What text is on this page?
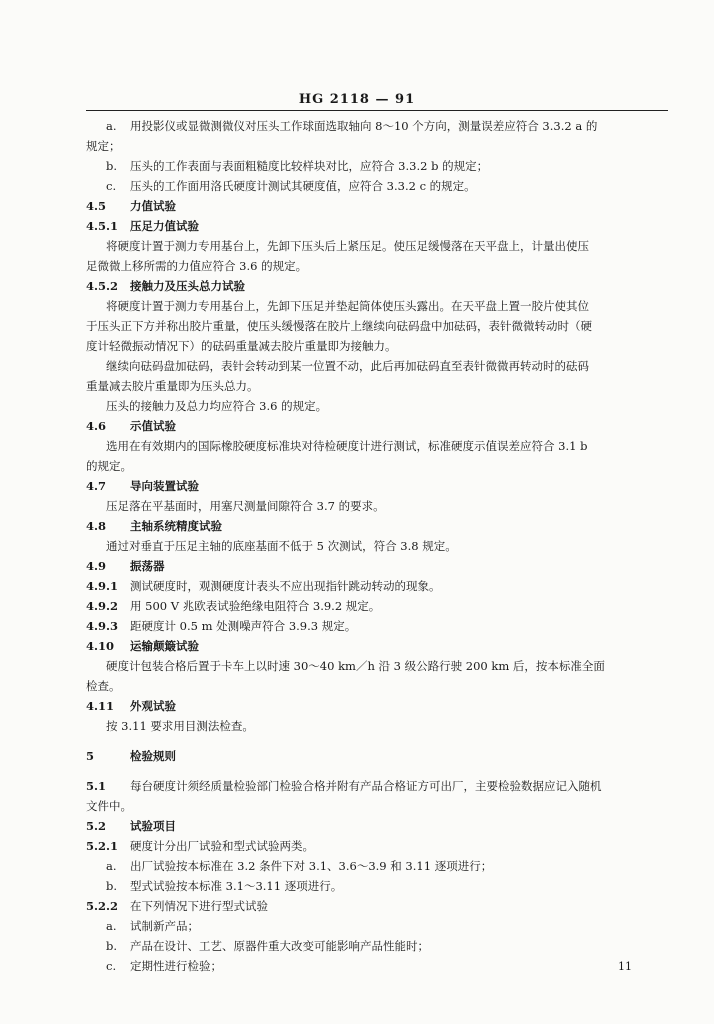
HG 2118 — 91
a. 用投影仪或显微测微仪对压头工作球面选取轴向 8～10 个方向，测量误差应符合 3.3.2 a 的
规定；
b. 压头的工作表面与表面粗糙度比较样块对比，应符合 3.3.2 b 的规定；
c. 压头的工作面用洛氏硬度计测试其硬度值，应符合 3.3.2 c 的规定。
4.5 力值试验
4.5.1 压足力值试验
将硬度计置于测力专用基台上，先卸下压头后上紧压足。使压足缓慢落在天平盘上，计量出使压
足微微上移所需的力值应符合 3.6 的规定。
4.5.2 接触力及压头总力试验
将硬度计置于测力专用基台上，先卸下压足并垫起筒体使压头露出。在天平盘上置一胶片使其位
于压头正下方并称出胶片重量，使压头缓慢落在胶片上继续向砝码盘中加砝码，表针微微转动时（硬
度计轻微振动情况下）的砝码重量减去胶片重量即为接触力。
继续向砝码盘加砝码，表针会转动到某一位置不动，此后再加砝码直至表针微微再转动时的砝码
重量减去胶片重量即为压头总力。
压头的接触力及总力均应符合 3.6 的规定。
4.6 示值试验
选用在有效期内的国际橡胶硬度标准块对待检硬度计进行测试，标准硬度示值误差应符合 3.1 b
的规定。
4.7 导向装置试验
压足落在平基面时，用塞尺测量间隙符合 3.7 的要求。
4.8 主轴系统精度试验
通过对垂直于压足主轴的底座基面不低于 5 次测试，符合 3.8 规定。
4.9 振荡器
4.9.1 测试硬度时，观测硬度计表头不应出现指针跳动转动的现象。
4.9.2 用 500 V 兆欧表试验绝缘电阻符合 3.9.2 规定。
4.9.3 距硬度计 0.5 m 处测噪声符合 3.9.3 规定。
4.10 运输颠簸试验
硬度计包装合格后置于卡车上以时速 30～40 km／h 沿 3 级公路行驶 200 km 后，按本标准全面
检查。
4.11 外观试验
按 3.11 要求用目测法检查。
5	检验规则
5.1 每台硬度计须经质量检验部门检验合格并附有产品合格证方可出厂，主要检验数据应记入随机
文件中。
5.2 试验项目
5.2.1 硬度计分出厂试验和型式试验两类。
a. 出厂试验按本标准在 3.2 条件下对 3.1、3.6～3.9 和 3.11 逐项进行；
b. 型式试验按本标准 3.1～3.11 逐项进行。
5.2.2 在下列情况下进行型式试验
a. 试制新产品；
b. 产品在设计、工艺、原器件重大改变可能影响产品性能时；
c. 定期性进行检验；	11
